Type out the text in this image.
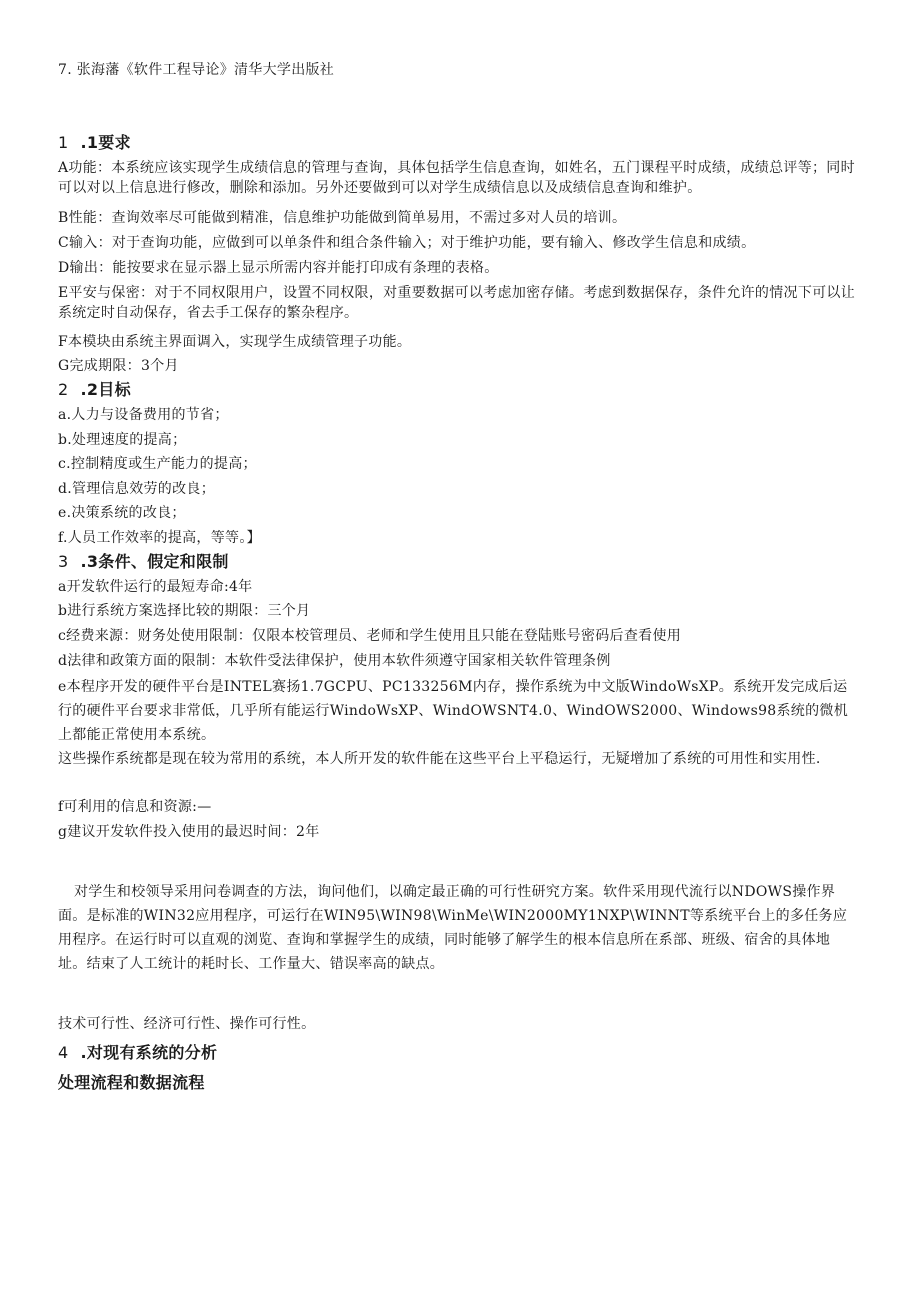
7. 张海藩《软件工程导论》清华大学出版社
1 .1要求
A功能：本系统应该实现学生成绩信息的管理与查询，具体包括学生信息查询，如姓名，五门课程平时成绩，成绩总评等；同时可以对以上信息进行修改，删除和添加。另外还要做到可以对学生成绩信息以及成绩信息查询和维护。
B性能：查询效率尽可能做到精准，信息维护功能做到简单易用，不需过多对人员的培训。
C输入：对于查询功能，应做到可以单条件和组合条件输入；对于维护功能，要有输入、修改学生信息和成绩。
D输出：能按要求在显示器上显示所需内容并能打印成有条理的表格。
E平安与保密：对于不同权限用户，设置不同权限，对重要数据可以考虑加密存储。考虑到数据保存，条件允许的情况下可以让系统定时自动保存，省去手工保存的繁杂程序。
F本模块由系统主界面调入，实现学生成绩管理子功能。
G完成期限：3个月
2 .2目标
a.人力与设备费用的节省；
b.处理速度的提高；
c.控制精度或生产能力的提高；
d.管理信息效劳的改良；
e.决策系统的改良；
f.人员工作效率的提高，等等。】
3 .3条件、假定和限制
a开发软件运行的最短寿命:4年
b进行系统方案选择比较的期限：三个月
c经费来源：财务处使用限制：仅限本校管理员、老师和学生使用且只能在登陆账号密码后查看使用
d法律和政策方面的限制：本软件受法律保护，使用本软件须遵守国家相关软件管理条例
e本程序开发的硬件平台是INTEL赛扬1.7GCPU、PC133256M内存，操作系统为中文版WindoWsXP。系统开发完成后运行的硬件平台要求非常低，几乎所有能运行WindoWsXP、WindOWSNT4.0、WindOWS2000、Windows98系统的微机上都能正常使用本系统。
这些操作系统都是现在较为常用的系统，本人所开发的软件能在这些平台上平稳运行，无疑增加了系统的可用性和实用性.
f可利用的信息和资源:—
g建议开发软件投入使用的最迟时间：2年
对学生和校领导采用问卷调查的方法，询问他们，以确定最正确的可行性研究方案。软件采用现代流行以NDOWS操作界面。是标准的WIN32应用程序，可运行在WIN95\WIN98\WinMe\WIN2000MY1NXP\WINNT等系统平台上的多任务应用程序。在运行时可以直观的浏览、查询和掌握学生的成绩，同时能够了解学生的根本信息所在系部、班级、宿舍的具体地址。结束了人工统计的耗时长、工作量大、错误率高的缺点。
技术可行性、经济可行性、操作可行性。
4 .对现有系统的分析
处理流程和数据流程
